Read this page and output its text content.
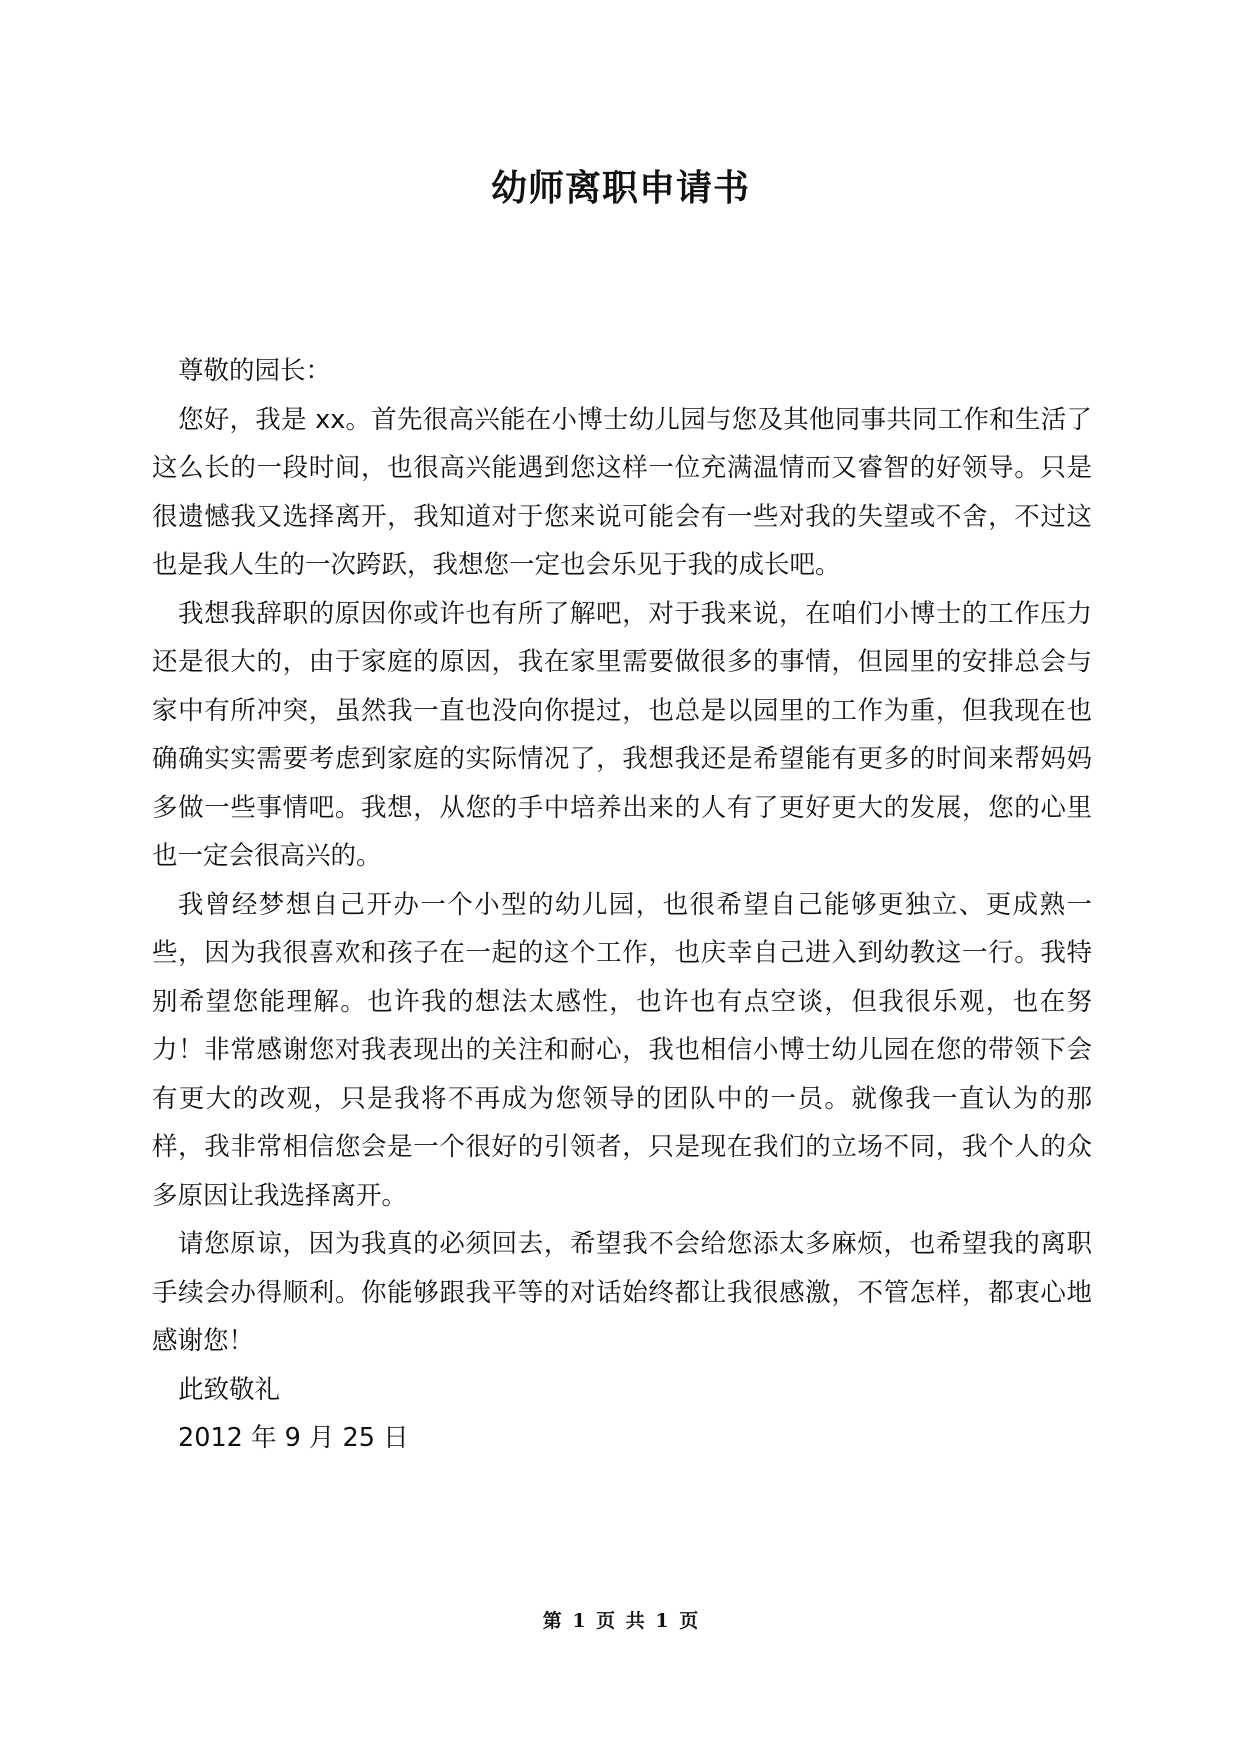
幼师离职申请书

尊敬的园长：

您好，我是 xx。首先很高兴能在小博士幼儿园与您及其他同事共同工作和生活了这么长的一段时间，也很高兴能遇到您这样一位充满温情而又睿智的好领导。只是很遗憾我又选择离开，我知道对于您来说可能会有一些对我的失望或不舍，不过这也是我人生的一次跨跃，我想您一定也会乐见于我的成长吧。

我想我辞职的原因你或许也有所了解吧，对于我来说，在咱们小博士的工作压力还是很大的，由于家庭的原因，我在家里需要做很多的事情，但园里的安排总会与家中有所冲突，虽然我一直也没向你提过，也总是以园里的工作为重，但我现在也确确实实需要考虑到家庭的实际情况了，我想我还是希望能有更多的时间来帮妈妈多做一些事情吧。我想，从您的手中培养出来的人有了更好更大的发展，您的心里也一定会很高兴的。

我曾经梦想自己开办一个小型的幼儿园，也很希望自己能够更独立、更成熟一些，因为我很喜欢和孩子在一起的这个工作，也庆幸自己进入到幼教这一行。我特别希望您能理解。也许我的想法太感性，也许也有点空谈，但我很乐观，也在努力！非常感谢您对我表现出的关注和耐心，我也相信小博士幼儿园在您的带领下会有更大的改观，只是我将不再成为您领导的团队中的一员。就像我一直认为的那样，我非常相信您会是一个很好的引领者，只是现在我们的立场不同，我个人的众多原因让我选择离开。

请您原谅，因为我真的必须回去，希望我不会给您添太多麻烦，也希望我的离职手续会办得顺利。你能够跟我平等的对话始终都让我很感激，不管怎样，都衷心地感谢您！

此致敬礼

2012 年 9 月 25 日

第 1 页 共 1 页
